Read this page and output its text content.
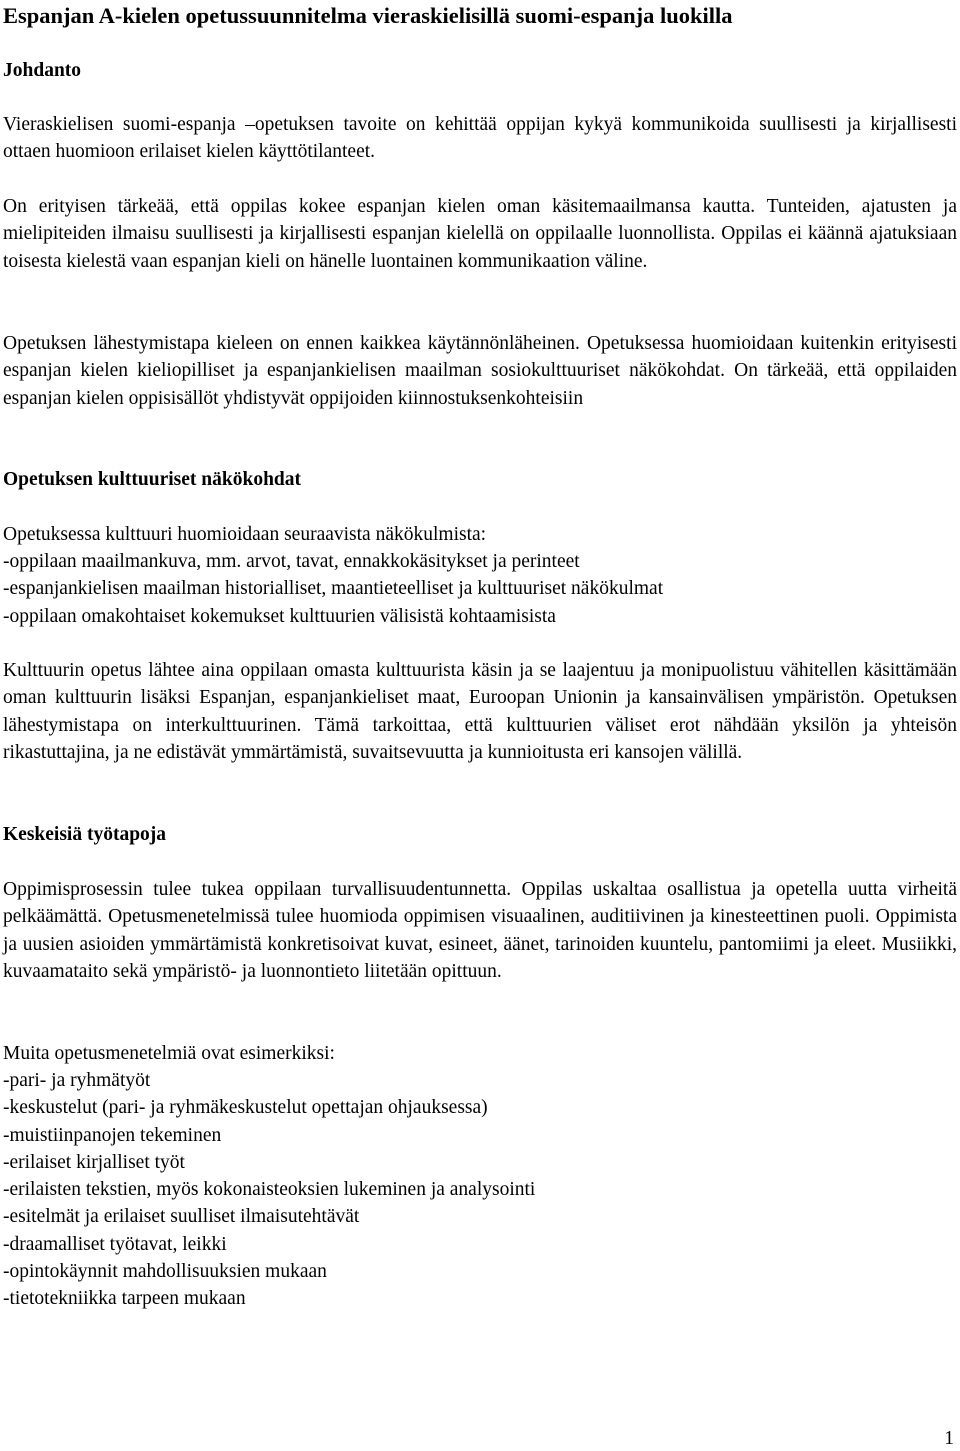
Espanjan A-kielen opetussuunnitelma vieraskielisillä suomi-espanja luokilla
Johdanto
Vieraskielisen suomi-espanja –opetuksen tavoite on kehittää oppijan kykyä kommunikoida suullisesti ja kirjallisesti ottaen huomioon erilaiset kielen käyttötilanteet.
On erityisen tärkeää, että oppilas kokee espanjan kielen oman käsitemaailmansa kautta. Tunteiden, ajatusten ja mielipiteiden ilmaisu suullisesti ja kirjallisesti espanjan kielellä on oppilaalle luonnollista. Oppilas ei käännä ajatuksiaan toisesta kielestä vaan espanjan kieli on hänelle luontainen kommunikaation väline.
Opetuksen lähestymistapa kieleen on ennen kaikkea käytännönläheinen. Opetuksessa huomioidaan kuitenkin erityisesti espanjan kielen kieliopilliset ja espanjankielisen maailman sosiokulttuuriset näkökohdat. On tärkeää, että oppilaiden espanjan kielen oppisisällöt yhdistyvät oppijoiden kiinnostuksenkohteisiin
Opetuksen kulttuuriset näkökohdat
Opetuksessa kulttuuri huomioidaan seuraavista näkökulmista:
-oppilaan maailmankuva, mm. arvot, tavat, ennakkokäsitykset ja perinteet
-espanjankielisen maailman historialliset, maantieteelliset ja kulttuuriset näkökulmat
-oppilaan omakohtaiset kokemukset kulttuurien välisistä kohtaamisista
Kulttuurin opetus lähtee aina oppilaan omasta kulttuurista käsin ja se laajentuu ja monipuolistuu vähitellen käsittämään oman kulttuurin lisäksi Espanjan, espanjankieliset maat, Euroopan Unionin ja kansainvälisen ympäristön. Opetuksen lähestymistapa on interkulttuurinen. Tämä tarkoittaa, että kulttuurien väliset erot nähdään yksilön ja yhteisön rikastuttajina, ja ne edistävät ymmärtämistä, suvaitsevuutta ja kunnioitusta eri kansojen välillä.
Keskeisiä työtapoja
Oppimisprosessin tulee tukea oppilaan turvallisuudentunnetta. Oppilas uskaltaa osallistua ja opetella uutta virheitä pelkäämättä. Opetusmenetelmissä tulee huomioda oppimisen visuaalinen, auditiivinen ja kinesteettinen puoli. Oppimista ja uusien asioiden ymmärtämistä konkretisoivat kuvat, esineet, äänet, tarinoiden kuuntelu, pantomiimi ja eleet. Musiikki, kuvaamataito sekä ympäristö- ja luonnontieto liitetään opittuun.
Muita opetusmenetelmiä ovat esimerkiksi:
-pari- ja ryhmätyöt
-keskustelut (pari- ja ryhmäkeskustelut opettajan ohjauksessa)
-muistiinpanojen tekeminen
-erilaiset kirjalliset työt
-erilaisten tekstien, myös kokonaisteoksien lukeminen ja analysointi
-esitelmät ja erilaiset suulliset ilmaisutehtävät
-draamalliset työtavat, leikki
-opintokäynnit mahdollisuuksien mukaan
-tietotekniikka tarpeen mukaan
1
